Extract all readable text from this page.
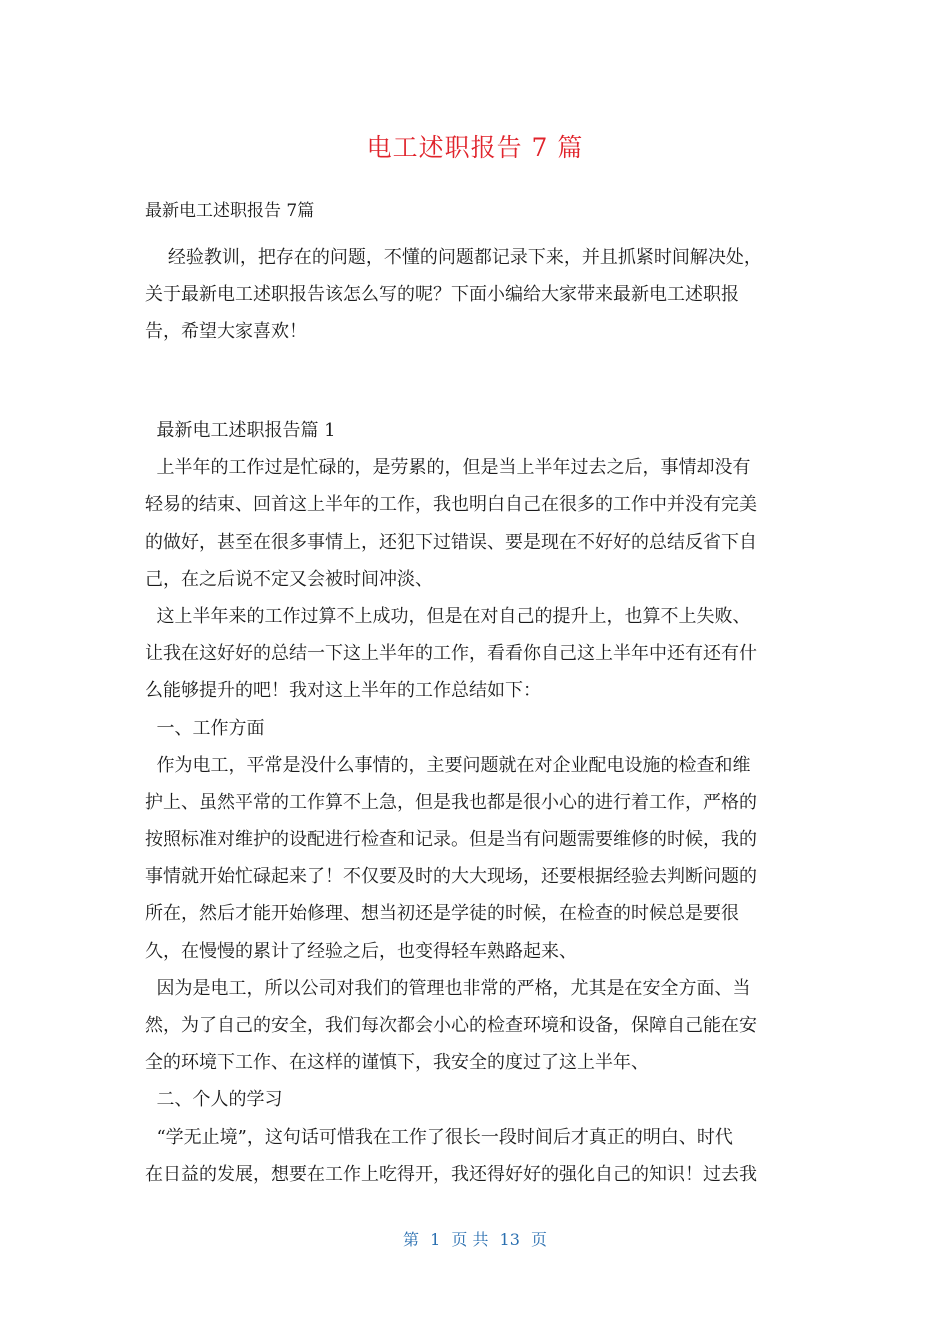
电工述职报告 7 篇
最新电工述职报告 7篇
经验教训，把存在的问题，不懂的问题都记录下来，并且抓紧时间解决处，
关于最新电工述职报告该怎么写的呢？下面小编给大家带来最新电工述职报
告，希望大家喜欢！
最新电工述职报告篇 1
上半年的工作过是忙碌的，是劳累的，但是当上半年过去之后，事情却没有
轻易的结束、回首这上半年的工作，我也明白自己在很多的工作中并没有完美
的做好，甚至在很多事情上，还犯下过错误、要是现在不好好的总结反省下自
己，在之后说不定又会被时间冲淡、
这上半年来的工作过算不上成功，但是在对自己的提升上，也算不上失败、
让我在这好好的总结一下这上半年的工作，看看你自己这上半年中还有还有什
么能够提升的吧！我对这上半年的工作总结如下：
一、工作方面
作为电工，平常是没什么事情的，主要问题就在对企业配电设施的检查和维
护上、虽然平常的工作算不上急，但是我也都是很小心的进行着工作，严格的
按照标准对维护的设配进行检查和记录。但是当有问题需要维修的时候，我的
事情就开始忙碌起来了！不仅要及时的大大现场，还要根据经验去判断问题的
所在，然后才能开始修理、想当初还是学徒的时候，在检查的时候总是要很
久，在慢慢的累计了经验之后，也变得轻车熟路起来、
因为是电工，所以公司对我们的管理也非常的严格，尤其是在安全方面、当
然，为了自己的安全，我们每次都会小心的检查环境和设备，保障自己能在安
全的环境下工作、在这样的谨慎下，我安全的度过了这上半年、
二、个人的学习
“学无止境”，这句话可惜我在工作了很长一段时间后才真正的明白、时代
在日益的发展，想要在工作上吃得开，我还得好好的强化自己的知识！过去我
第 1 页 共 13 页
